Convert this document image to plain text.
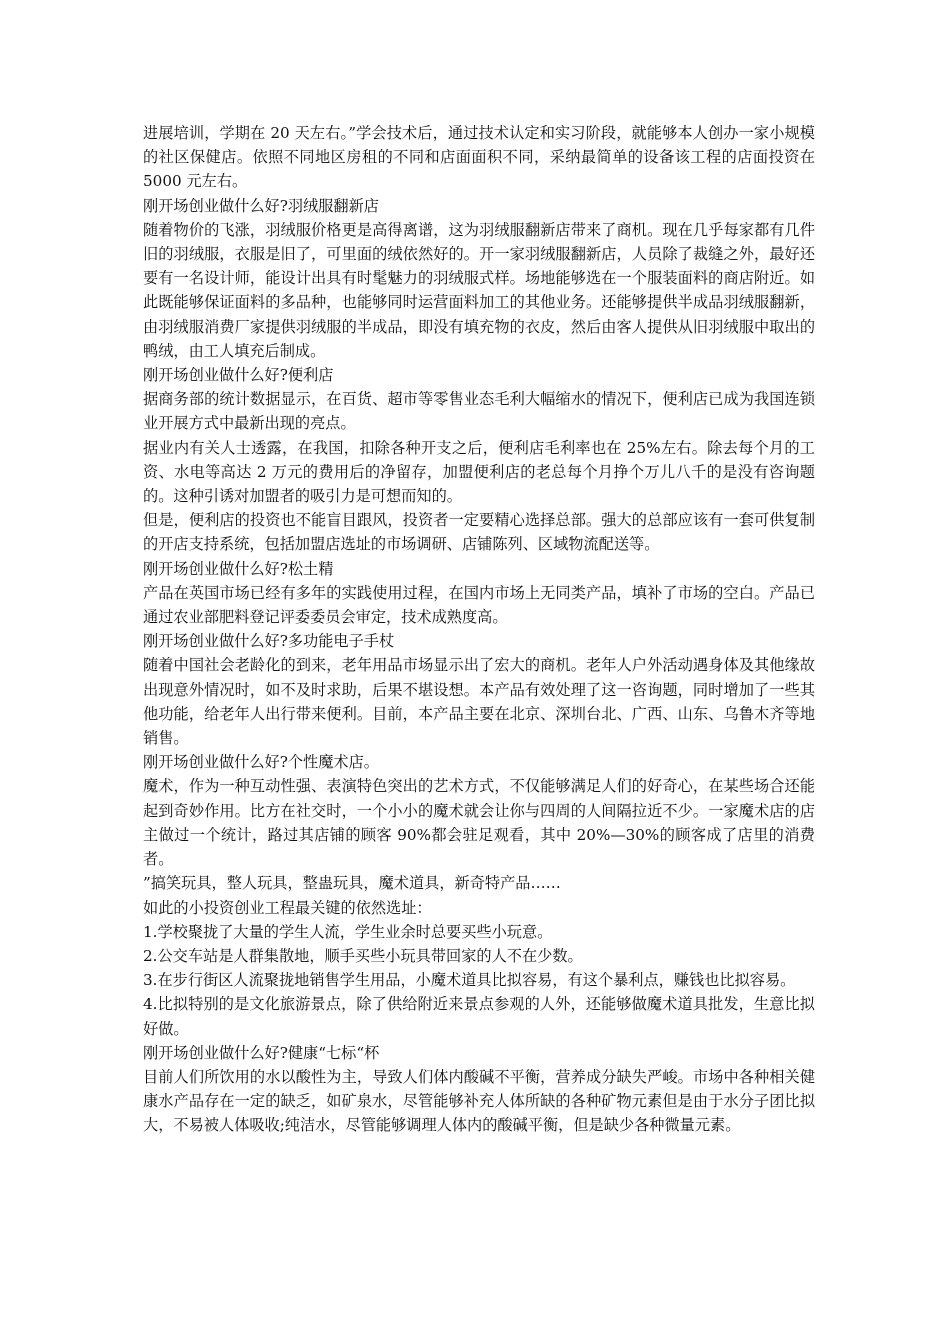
进展培训，学期在 20 天左右。”学会技术后，通过技术认定和实习阶段，就能够本人创办一家小规模的社区保健店。依照不同地区房租的不同和店面面积不同，采纳最简单的设备该工程的店面投资在 5000 元左右。

刚开场创业做什么好?羽绒服翻新店

随着物价的飞涨，羽绒服价格更是高得离谱，这为羽绒服翻新店带来了商机。现在几乎每家都有几件旧的羽绒服，衣服是旧了，可里面的绒依然好的。开一家羽绒服翻新店，人员除了裁缝之外，最好还要有一名设计师，能设计出具有时髦魅力的羽绒服式样。场地能够选在一个服装面料的商店附近。如此既能够保证面料的多品种，也能够同时运营面料加工的其他业务。还能够提供半成品羽绒服翻新，由羽绒服消费厂家提供羽绒服的半成品，即没有填充物的衣皮，然后由客人提供从旧羽绒服中取出的鸭绒，由工人填充后制成。

刚开场创业做什么好?便利店

据商务部的统计数据显示，在百货、超市等零售业态毛利大幅缩水的情况下，便利店已成为我国连锁业开展方式中最新出现的亮点。

据业内有关人士透露，在我国，扣除各种开支之后，便利店毛利率也在 25%左右。除去每个月的工资、水电等高达 2 万元的费用后的净留存，加盟便利店的老总每个月挣个万儿八千的是没有咨询题的。这种引诱对加盟者的吸引力是可想而知的。

但是，便利店的投资也不能盲目跟风，投资者一定要精心选择总部。强大的总部应该有一套可供复制的开店支持系统，包括加盟店选址的市场调研、店铺陈列、区域物流配送等。

刚开场创业做什么好?松土精

产品在英国市场已经有多年的实践使用过程，在国内市场上无同类产品，填补了市场的空白。产品已通过农业部肥料登记评委委员会审定，技术成熟度高。

刚开场创业做什么好?多功能电子手杖

随着中国社会老龄化的到来，老年用品市场显示出了宏大的商机。老年人户外活动遇身体及其他缘故出现意外情况时，如不及时求助，后果不堪设想。本产品有效处理了这一咨询题，同时增加了一些其他功能，给老年人出行带来便利。目前，本产品主要在北京、深圳台北、广西、山东、乌鲁木齐等地销售。

刚开场创业做什么好?个性魔术店。

魔术，作为一种互动性强、表演特色突出的艺术方式，不仅能够满足人们的好奇心，在某些场合还能起到奇妙作用。比方在社交时，一个小小的魔术就会让你与四周的人间隔拉近不少。一家魔术店的店主做过一个统计，路过其店铺的顾客 90%都会驻足观看，其中 20%—30%的顾客成了店里的消费者。

”搞笑玩具，整人玩具，整蛊玩具，魔术道具，新奇特产品……

如此的小投资创业工程最关键的依然选址：

1.学校聚拢了大量的学生人流，学生业余时总要买些小玩意。

2.公交车站是人群集散地，顺手买些小玩具带回家的人不在少数。

3.在步行街区人流聚拢地销售学生用品，小魔术道具比拟容易，有这个暴利点，赚钱也比拟容易。

4.比拟特别的是文化旅游景点，除了供给附近来景点参观的人外，还能够做魔术道具批发，生意比拟好做。

刚开场创业做什么好?健康“七标“杯

目前人们所饮用的水以酸性为主，导致人们体内酸碱不平衡，营养成分缺失严峻。市场中各种相关健康水产品存在一定的缺乏，如矿泉水，尽管能够补充人体所缺的各种矿物元素但是由于水分子团比拟大，不易被人体吸收;纯洁水，尽管能够调理人体内的酸碱平衡，但是缺少各种微量元素。
